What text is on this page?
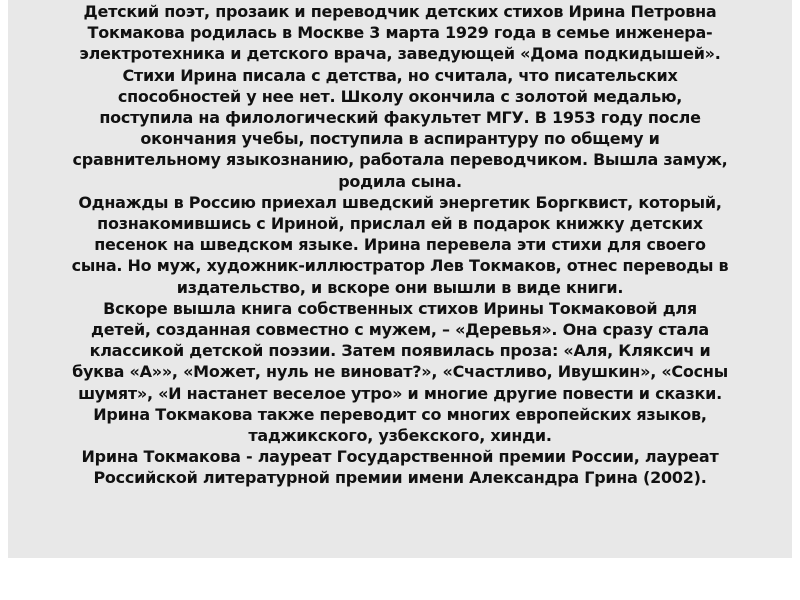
Детский поэт, прозаик и переводчик детских стихов Ирина Петровна
Токмакова родилась в Москве 3 марта 1929 года в семье инженера-
электротехника и детского врача, заведующей «Дома подкидышей».
Стихи Ирина писала с детства, но считала, что писательских
способностей у нее нет. Школу окончила с золотой медалью,
поступила на филологический факультет МГУ. В 1953 году после
окончания учебы, поступила в аспирантуру по общему и
сравнительному языкознанию, работала переводчиком. Вышла замуж,
родила сына.
Однажды в Россию приехал шведский энергетик Боргквист, который,
познакомившись с Ириной, прислал ей в подарок книжку детских
песенок на шведском языке. Ирина перевела эти стихи для своего
сына. Но муж, художник-иллюстратор Лев Токмаков, отнес переводы в
издательство, и вскоре они вышли в виде книги.
Вскоре вышла книга собственных стихов Ирины Токмаковой для
детей, созданная совместно с мужем, – «Деревья». Она сразу стала
классикой детской поэзии. Затем появилась проза: «Аля, Кляксич и
буква «А»», «Может, нуль не виноват?», «Счастливо, Ивушкин», «Сосны
шумят», «И настанет веселое утро» и многие другие повести и сказки.
Ирина Токмакова также переводит со многих европейских языков,
таджикского, узбекского, хинди.
Ирина Токмакова - лауреат Государственной премии России, лауреат
Российской литературной премии имени Александра Грина (2002).
